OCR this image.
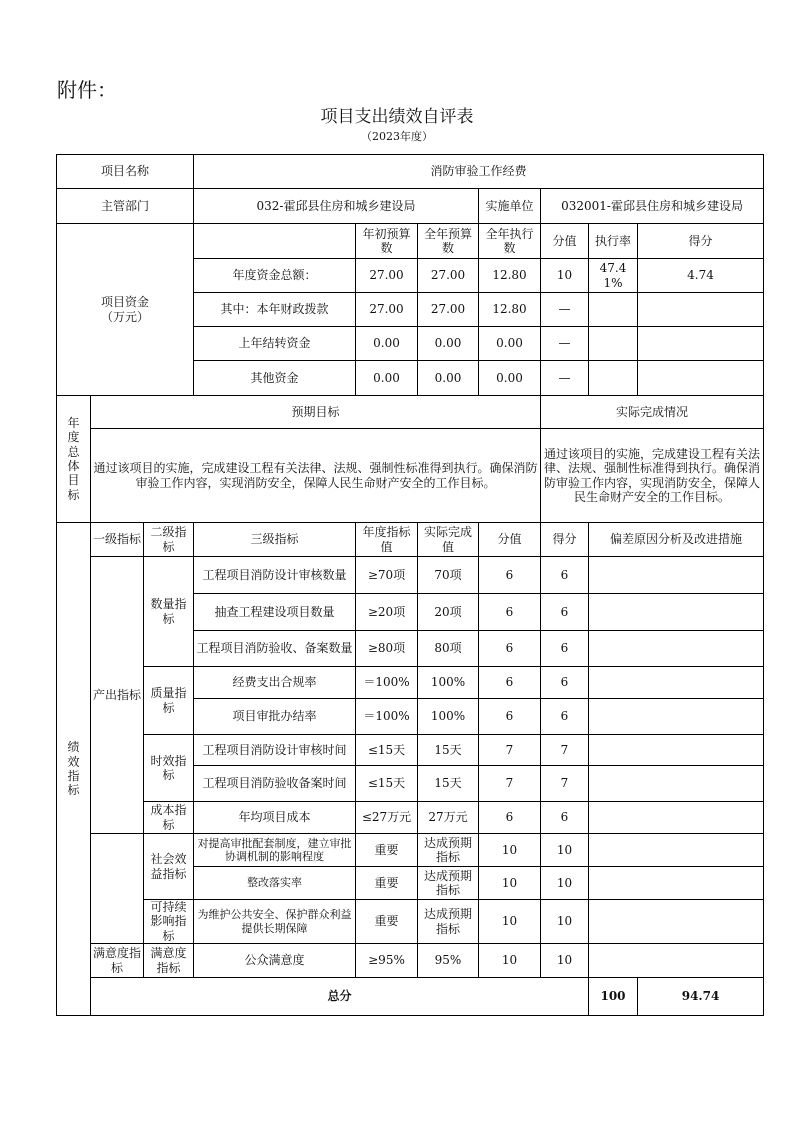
附件：
项目支出绩效自评表
（2023年度）
项目名称			消防审验工作经费							
主管部门			032-霍邱县住房和城乡建设局			实施单位	032001-霍邱县住房和城乡建设局			
项目资金
（万元）				年初预算数	全年预算数	全年执行数	分值	执行率	得分	
			年度资金总额：	27.00	27.00	12.80	10	47.41%	4.74	
			其中：本年财政拨款	27.00	27.00	12.80	—			
			上年结转资金	0.00	0.00	0.00	—			
			其他资金	0.00	0.00	0.00	—			
年度总体目标	预期目标						实际完成情况			
	通过该项目的实施，完成建设工程有关法律、法规、强制性标准得到执行。确保消防审验工作内容，实现消防安全，保障人民生命财产安全的工作目标。						通过该项目的实施，完成建设工程有关法律、法规、强制性标准得到执行。确保消防审验工作内容，实现消防安全，保障人民生命财产安全的工作目标。			
绩效指标	一级指标	二级指标	三级指标	年度指标值	实际完成值	分值	得分	偏差原因分析及改进措施		
	产出指标	数量指标	工程项目消防设计审核数量	≥70项	70项	6	6			
			抽查工程建设项目数量	≥20项	20项	6	6			
			工程项目消防验收、备案数量	≥80项	80项	6	6			
		质量指标	经费支出合规率	＝100%	100%	6	6			
			项目审批办结率	＝100%	100%	6	6			
		时效指标	工程项目消防设计审核时间	≤15天	15天	7	7			
			工程项目消防验收备案时间	≤15天	15天	7	7			
		成本指标	年均项目成本	≤27万元	27万元	6	6			
		社会效益指标	对提高审批配套制度，建立审批协调机制的影响程度	重要	达成预期指标	10	10			
			整改落实率	重要	达成预期指标	10	10			
		可持续影响指标	为维护公共安全、保护群众利益提供长期保障	重要	达成预期指标	10	10			
	满意度指标	满意度指标	公众满意度	≥95%	95%	10	10			
	总分							100	94.74	
